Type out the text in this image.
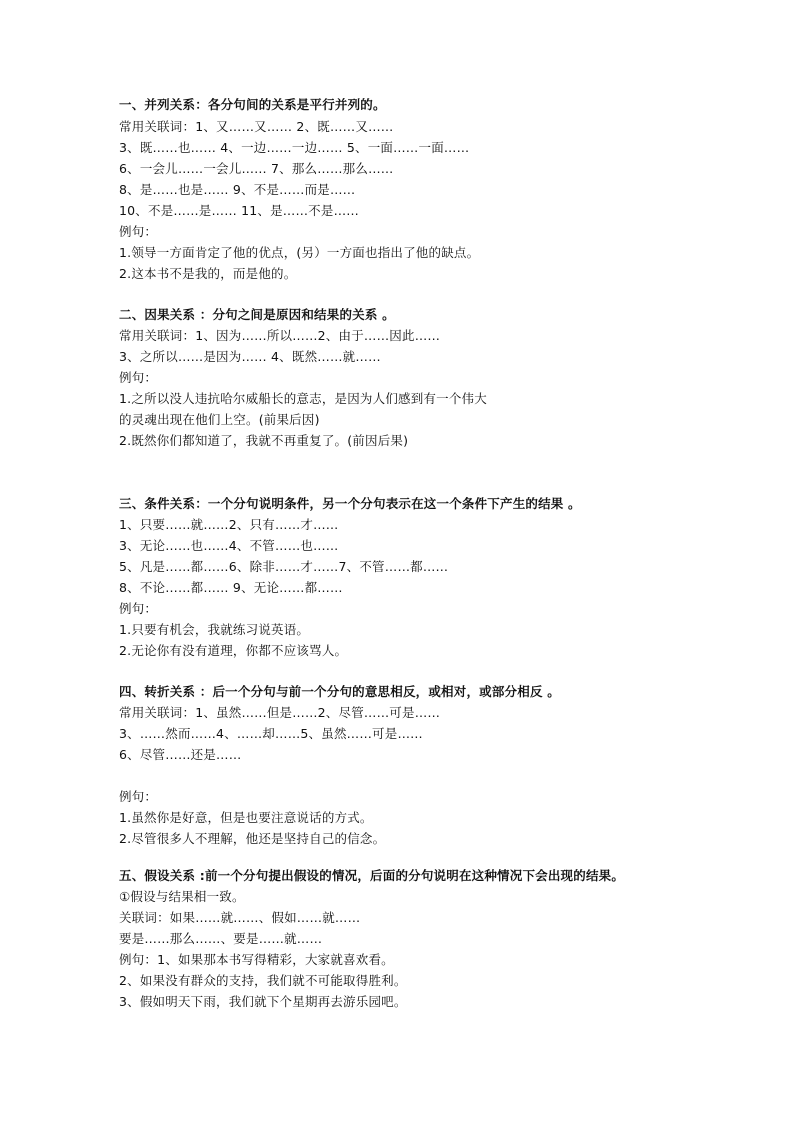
一、并列关系：各分句间的关系是平行并列的。
常用关联词：1、又……又…… 2、既……又……
3、既……也…… 4、一边……一边…… 5、一面……一面……
6、一会儿……一会儿…… 7、那么……那么……
8、是……也是…… 9、不是……而是……
10、不是……是…… 11、是……不是……
例句：
1.领导一方面肯定了他的优点，(另）一方面也指出了他的缺点。
2.这本书不是我的，而是他的。
二、因果关系 ：分句之间是原因和结果的关系 。
常用关联词：1、因为……所以……2、由于……因此……
3、之所以……是因为…… 4、既然……就……
例句：
1.之所以没人违抗哈尔威船长的意志，是因为人们感到有一个伟大
的灵魂出现在他们上空。(前果后因)
2.既然你们都知道了，我就不再重复了。(前因后果)
三、条件关系：一个分句说明条件，另一个分句表示在这一个条件下产生的结果 。
1、只要……就……2、只有……才……
3、无论……也……4、不管……也……
5、凡是……都……6、除非……才……7、不管……都……
8、不论……都…… 9、无论……都……
例句：
1.只要有机会，我就练习说英语。
2.无论你有没有道理，你都不应该骂人。
四、转折关系 ：后一个分句与前一个分句的意思相反，或相对，或部分相反 。
常用关联词：1、虽然……但是……2、尽管……可是……
3、……然而……4、……却……5、虽然……可是……
6、尽管……还是……
例句：
1.虽然你是好意，但是也要注意说话的方式。
2.尽管很多人不理解，他还是坚持自己的信念。
五、假设关系 :前一个分句提出假设的情况，后面的分句说明在这种情况下会出现的结果。
①假设与结果相一致。
关联词：如果……就……、假如……就……
要是……那么……、要是……就……
例句：1、如果那本书写得精彩，大家就喜欢看。
2、如果没有群众的支持，我们就不可能取得胜利。
3、假如明天下雨，我们就下个星期再去游乐园吧。
